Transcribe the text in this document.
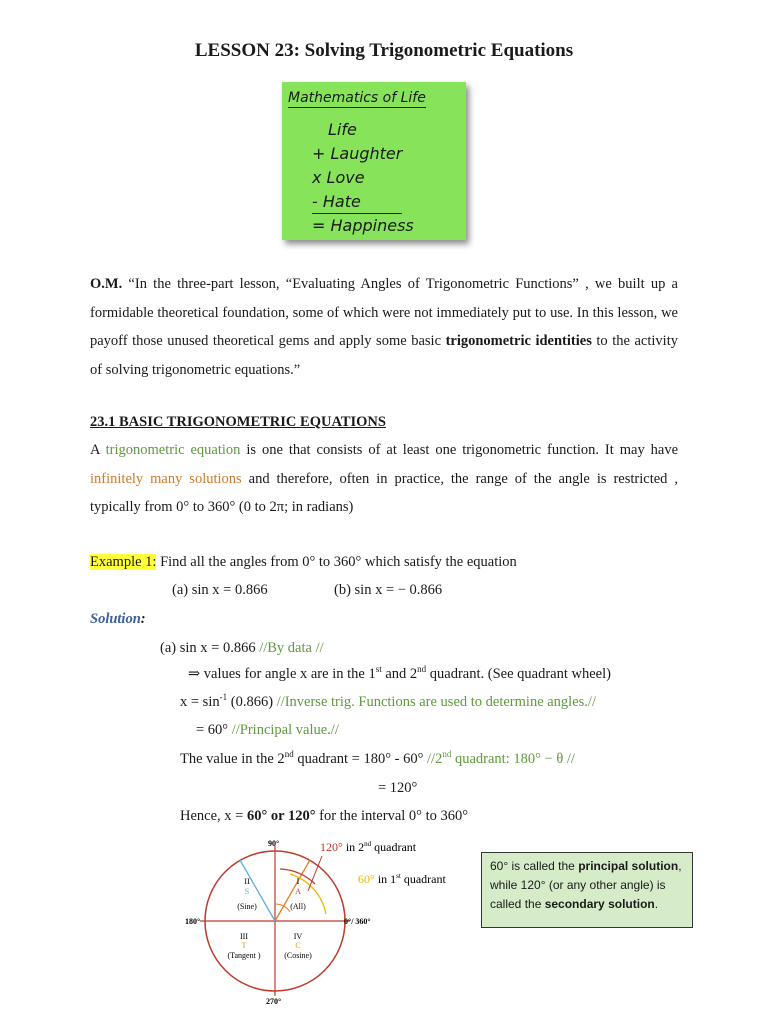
LESSON 23: Solving Trigonometric Equations
Mathematics of Life
Life
+ Laughter
x Love
- Hate
= Happiness
O.M. “In the three-part lesson, “Evaluating Angles of Trigonometric Functions” , we built up a formidable theoretical foundation, some of which were not immediately put to use. In this lesson, we payoff those unused theoretical gems and apply some basic trigonometric identities to the activity of solving trigonometric equations.”
23.1 BASIC TRIGONOMETRIC EQUATIONS
A trigonometric equation is one that consists of at least one trigonometric function. It may have infinitely many solutions and therefore, often in practice, the range of the angle is restricted , typically from 0° to 360° (0 to 2π; in radians)
Example 1: Find all the angles from 0° to 360° which satisfy the equation
(a) sin x = 0.866	(b) sin x = − 0.866
Solution:
(a) sin x = 0.866 //By data //
⇒ values for angle x are in the 1st and 2nd quadrant. (See quadrant wheel)
$x = \sin^{-1} (0.866)$ //Inverse trig. Functions are used to determine angles.//
= 60° //Principal value.//
The value in the 2nd quadrant = 180° - 60° //2nd quadrant: 180° − θ //
= 120°
Hence, x = 60° or 120° for the interval 0° to 360°
90°
180°	0°/ 360°
270°
I
A
(All)
II
S
(Sine)
III
T
(Tangent )
IV
C
(Cosine)
120° in 2nd quadrant
60° in 1st quadrant
60° is called the principal solution, while 120° (or any other angle) is called the secondary solution.
